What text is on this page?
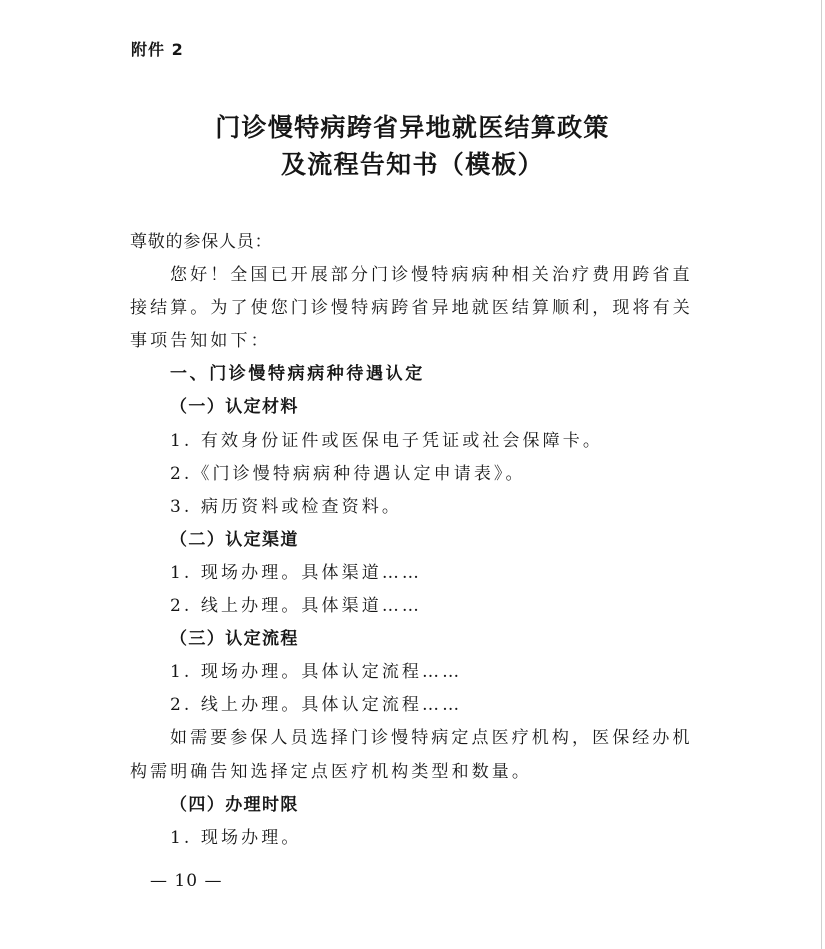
附件 2
门诊慢特病跨省异地就医结算政策
及流程告知书（模板）
尊敬的参保人员：
您好！全国已开展部分门诊慢特病病种相关治疗费用跨省直
接结算。为了使您门诊慢特病跨省异地就医结算顺利，现将有关
事项告知如下：
一、门诊慢特病病种待遇认定
（一）认定材料
1. 有效身份证件或医保电子凭证或社会保障卡。
2.《门诊慢特病病种待遇认定申请表》。
3. 病历资料或检查资料。
（二）认定渠道
1. 现场办理。具体渠道……
2. 线上办理。具体渠道……
（三）认定流程
1. 现场办理。具体认定流程……
2. 线上办理。具体认定流程……
如需要参保人员选择门诊慢特病定点医疗机构，医保经办机
构需明确告知选择定点医疗机构类型和数量。
（四）办理时限
1. 现场办理。
— 10 —
